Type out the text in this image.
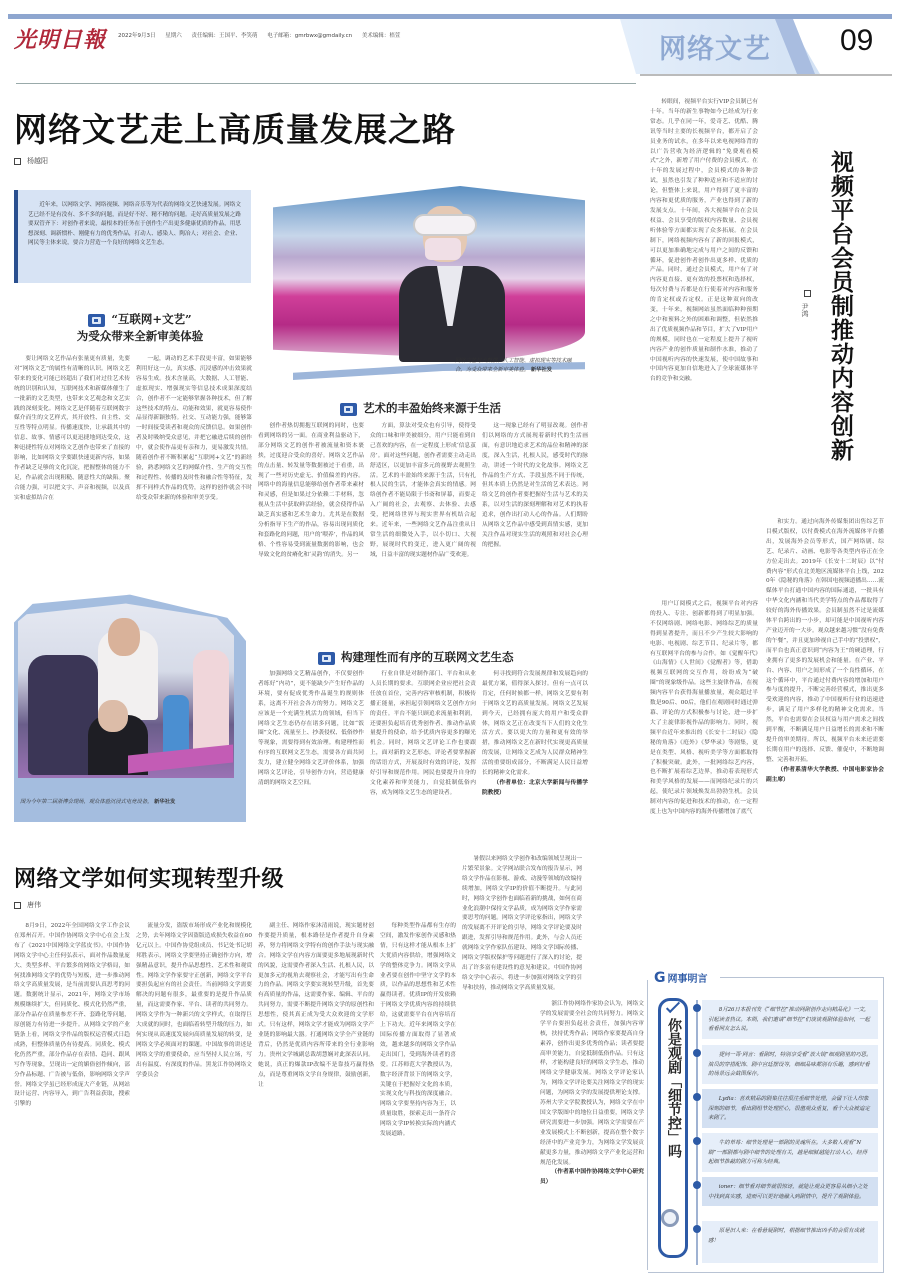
光明日報 2022年9月3日 星期六 责任编辑：王国平、李笑萌 电子邮箱：gmrbwx@gmdaily.cn 美术编辑：梧萱	网络文艺	09
网络文艺走上高质量发展之路
杨越阳

近年来，以网络文学、网络视频、网络音乐等为代表的网络文艺快速发展。网络文艺已经不是有没有、多不多的问题，而是好不好、精不精的问题。走好高质量发展之路要双管齐下：对创作者来说，最根本的任务在于创作生产出更多健康优质的作品，用思想深刻、调新惯朴、刚健有力的优秀作品，打动人、感染人、陶冶人；对社会、企业、网民等主体来说，要合力营造一个良好的网络文艺生态。

“互联网+文艺”
为受众带来全新审美体验

要让网络文艺作品有张量更有质量，先要对“网络文艺”的属性有清晰的认识。网络文艺带来的变化可能已经超出了我们对过往艺术传统的识别和认知，互联网技术和新媒体催生了一批新的文艺类型，也带来文艺观念和文艺实践的深刻变化。网络文艺是伴随着互联网数字媒介而生的文艺样式，其开放性、自主性、交互性等特点明显。传播速度快，让承载其中的信息、故事、情感可以更迅捷地到达受众，这种迅捷性特点对网络文艺创作也带来了直接的影响，比如网络文学要跟快速更新内容，如果作者缺乏足够的文化沉淀，把握整体的能力不足，作品就会出现粗糙、随意性大的缺陷。聚合能力强，可以把文字、声音和视频，以及真实和虚拟结合在

一起，调动的艺术手段更丰富，如果能够利用好这一点，真实感、沉浸感的冲击效果就容易生成。技术含量高，大数据、人工智能、虚拟现实、增强现实等信息技术成果深度结合，创作者不一定能够掌握各种技术，但了解这些技术的特点、功能和效果，就更容易使作品显得新颖独特。社交、互动能力强，能够第一时间接受读者和观众的反馈信息。如果创作者及时吸纳受众意见，并把它融进后续的创作中，就会使作品更有亲和力，更易激发共情。随着创作者不断积累起“互联网+文艺”的新经验，熟悉网络文艺的网媒介性、生产的交互性和过程性、传播的及时性和融合性等特征，发挥不同样式作品的优势，这样的创作就会不时给受众带来新的体验和审美享受。

网络文艺与大数据、人工智能、虚拟现实等技术融合，为受众带来全新审美体验。 新华社发
艺术的丰盈始终来源于生活

创作者热切拥抱互联网的同时，也要看到网络的另一面。在商业利益驱动下，部分网络文艺的创作者被流量和资本裹挟，过度迎合受众的喜好。网络文艺作品的点击量、转发量等数据被过于看重，出现了一些对历史虚无、价值偏差的内容。网络中的海量信息能够给创作者带来素材和灵感，但是如果过分依赖二手材料，忽视从生活中获取鲜活经验，就会使得作品缺乏真实感和艺术生命力。尤其是在数据分析指导下生产的作品，容易出现同质化和套路化的问题，用户的‘喂养’，作品的风格、个性容易受到流量数据的影响，也会导致文化的贫瘠化和‘灵韵’的消失。另一

方面，算法对受众也有引导，使得受众的口味和审美被细分，用户只能看到自己喜欢的内容，在一定程度上形成‘信息茧房’。面对这些问题，创作者需要主动走出舒适区，以更加丰富多元的视野去观照生活。艺术的丰盈始终来源于生活，只有扎根人民的生活，才能体会真实的情感。网络创作者不能局限于书斋和屏幕，而要走入广阔的社会，去观察、去体验、去感受，把网络世界与现实世界有机结合起来。近年来，一些网络文艺作品注重从日常生活的细微处入手，以小切口、大视野，展现时代的变迁，进入更广阔的视域，日益丰富的现实题材作品广受欢迎。

这一现象已经有了明显改观。创作者们以网络的方式展现着新时代的生活画面，有意识地追求艺术的品位和精神的深度，深入生活，扎根人民，感受时代的脉动，讲述一个时代的文化故事。网络文艺作品的生产方式、手段虽然不同于传统，但其本质上仍然是对生活的艺术表达。网络文艺的创作者要把握好生活与艺术的关系，以对生活的深刻理解和对艺术的执着追求，创作出打动人心的作品。人们期盼从网络文艺作品中感受到真情实感，更加关注作品对现实生活的观照和对社会心理的把握。

图为今年第二届浙博会现场，观众体验沉浸式电竞设备。 新华社发
构建理性而有序的互联网文艺生态

加强网络文艺精品创作，不仅要创作者练好“内功”，更不能缺少产生好作品的环境，要有促成优秀作品诞生的规则体系，这离不开社会各方的努力。网络文艺应该是一个充满生机活力的领域，但当下网络文艺生态仍存在诸多问题，比如“饭圈”文化、流量至上、抄袭侵权、低俗炒作等现象，需要得到有效治理。构建理性而有序的互联网文艺生态，需要各方面共同发力，建立健全网络文艺评价体系，加强网络文艺评论，引导创作方向，营造健康清朗的网络文艺空间。

行业自律是对制作部门、平台和从业人员长期的要求。互联网企业应把社会责任放在首位，完善内容审核机制，积极传播正能量，承担起引领网络文艺创作方向的责任。平台不能只顾追求流量和利润，还要担负起培育优秀创作者、推动作品质量提升的使命，给予优质内容更多的曝光机会。同时，网络文艺评论工作也要跟上，面对新的文艺形态，评论者要掌握新的话语方式，开展及时有效的评论，发挥好引导和规范作用。网民也要提升自身的文化素养和审美能力，自觉抵制低俗内容，成为网络文艺生态的建设者。

何寻找到符合发展规律和发展趋向的最优方案，值得深入探讨。但有一点可以肯定，任何时候都一样，网络文艺要有利于网络文艺的高质量发展。网络文艺发展到今天，已经拥有庞大的用户和受众群体，网络文艺正在改变当下人们的文化生活方式。要以更大的力量和更有效的举措，推动网络文艺在新时代实现更高质量的发展，让网络文艺成为人民群众精神生活的重要组成部分，不断满足人民日益增长的精神文化需求。

（作者单位：北京大学新闻与传播学院教授）

视频平台会员制推动内容创新
尹鸿

转眼间，视频平台实行VIP会员制已有十年。当年的新生事物如今已经成为行业常态。几乎在同一年，爱奇艺、优酷、腾讯等当时主要的长视频平台，都开启了会员业务的试水，在多年以来电视网络背的以广告营收为经济逻辑的“免费观看模式”之外，新增了用户付费的会员模式。在十年的发展过程中，会员模式的各种尝试，虽然也引发了种种适应和不适应的讨论，但整体上来说，用户得到了更丰富的内容和更优质的服务，产业也得到了新的发展支点。十年间，各大视频平台在会员权益、会员享受的版权内容数量、会员视听体验等方面都实现了众多拓展。在会员制下，网络视频内容有了新的回报模式，可以更加准确地完成与用户之间的反馈和循环，促进创作者创作出更多样、优质的产品。同时，通过会员模式，用户有了对内容更直接、更有效的投票权和选择权，每次付费与否都是在行使着对内容和服务的肯定权或否定权。正是这种双向的改变，十年来，视频网站虽然面临种种预期之中和预料之外的困难和调整，但依然推出了优质视频作品和节目，扩大了VIP用户的规模，同时也在一定程度上提升了视听内容产业的创作质量和制作水准，推动了中国视听内容的快速发展，使中国故事和中国内容更加自信地进入了全球流媒体平台的竞争和交融。

用户订阅模式之后，视频平台对内容的投入、专注、创新都得到了明显加强。不仅网络剧、网络电影、网络综艺的质量得到显著提升，而且不少产生较大影响的电影、电视剧、综艺节目、纪录片等，都有互联网平台的参与合作。如《觉醒年代》《山海情》《人世间》《觉醒者》等，借助视频互联网的交互作用，纷纷成为“破圈”的现象级作品。这些主旋律作品，在视频内容平台获得海量播放量，观众超过半数是90后、00后，他们在观剧同时通过弹幕、评论的方式积极参与讨论，进一步扩大了主旋律影视作品的影响力。同时，视频平台近年来推出的《长安十二时辰》《隐秘的角落》《庭外》《梦华录》等剧集，更是在类型、风格、视听美学等方面都取得了积极突破。此外，一批网络综艺内容，也不断扩展着综艺边界，推动着表现形式和美学风格的发展——而网络纪录片的兴起，使纪录片领域焕发出勃勃生机。会员制对内容的促进和技术的推动，在一定程度上也为中国内容的海外传播增加了底气

和实力。通过向海外传媒集团出售综艺节目模式版权，以付费模式在海外流媒体平台播出，发展海外会员等形式，国产网络剧、综艺、纪录片、动画、电影等各类型内容正在全方位走出去。2019年《长安十二时辰》以“付费内容”形式在北美地区流媒体平台上线，2020年《隐秘的角落》在韩国电视频道播出……流媒体平台打通中国内容的国际通道，一批具有中华文化内涵和当代美学特点的作品都取得了较好的海外传播效果。会员制虽然不过是流媒体平台跨出的一小步，却可能是中国视听内容产业迈开的一大步。观众越来越习惯“没有免费的午餐”，并且更加珍视自己手中的“投票权”，而平台也真正意识到“内容为王”的硬道理，行业拥有了更多的发展机会和能量。在产业、平台、内容、用户之间形成了一个良性循环，在这个循环中，平台通过付费内容的增加和用户参与度的提升，不断完善经营模式，推出更多受欢迎的内容，推动了中国视听行业的迅速进步，满足了用户多样化的精神文化需求。当然，平台也需要在会员权益与用户需求之间找到平衡，不断满足用户日益增长的需求和不断提升的审美期待。所以，视频平台未来还需要长期在用户的选择、反馈、催促中，不断地调整、完善和开拓。

（作者系清华大学教授、中国电影家协会副主席）

网络文学如何实现转型升级
唐伟

8月9日，2022年全国网络文学工作会议在郑州召开。中国作协网络文学中心在会上发布了《2021中国网络文学蓝皮书》。中国作协网络文学中心主任何弘表示，面对作品数量庞大、类型多样、平台繁多的网络文学格局，如何找准网络文学的优势与短板，进一步推动网络文学高质量发展，是当前需要认真思考的问题。数据统计显示，2021年，网络文学市场规模继续扩大，但同质化、模式化仍然严重，部分作品存在质量参差不齐、套路化等问题，原创能力有待进一步提升。从网络文学的产业链条上看，网络文学作品的版权运营模式日趋成熟，但整体质量仍有待提高。同质化、模式化仍然严重，部分作品存在表情、趋同、跟风写作等现象，呈现出一定的媚俗创作倾向，部分作品标题、广告被与低俗，影响网络文学声誉。网络文学虽已经形成庞大产业链，从网站设计运营、内容导入，到广告利益获取，搜索引擎的

流量分发，盗版市场形成产业化和规模化之势，去年网络文学因盗版造成损失收益在60亿元以上。中国作协党组成员、书记处书记胡邦胜表示，网络文学要坚持正确创作方向，增强精品意识，提升作品思想性、艺术性和观赏性。网络文学作家要守正创新，网络文学平台要担负起应有的社会责任。当前网络文学需要解决的问题有很多，最重要的是提升作品质量，而这需要作家、平台、读者的共同努力。网络文学作为一种新兴的文学样式，在取得巨大成就的同时，也面临着转型升级的压力，如何实现从高速度发展向高质量发展的转变，是网络文学必须面对的课题。中国故事的讲述是网络文学的重要使命，应当坚持人民立场，写出有温度、有深度的作品。黑龙江作协网络文学委员会

副主任、网络作家沐清雨说，现实题材创作要提升质量，根本路径是作者提升自身素养，努力将网络文学特有的创作手法与现实融合。网络文学在内容方面要更多地展现新时代的风貌，这需要作者深入生活、扎根人民，以更加多元的视角去观察社会，才能写出有生命力的作品。网络文学要实现转型升级，首先要有高质量的作品，这需要作家、编辑、平台的共同努力，需要不断提升网络文学的原创性和思想性，使其真正成为受大众欢迎的文学形式。只有这样，网络文学才能成为网络文学产业链的影响最大器。打通网络文学全产业链的背后，仍然是优质内容所带来的全行业影响力。贵州文学城副总裁胡慧娴对此深表认同。她说，真正的爆款IP改编不是靠技巧赢得热点，而是尊重网络文学自身规律，鼓励创新，让

每种类型作品都有生存的空间，激发作家创作灵感和热情，只有这样才能从根本上扩大优质内容供给，增强网络文学的整体竞争力。网络文学从业者要在创作中坚守文学的本质，以作品的思想性和艺术性赢得读者。优质IP的开发依赖于网络文学优质内容的持续供给，这就需要平台在内容培育上下功夫。近年来网络文学在国际传播方面取得了显著成效，越来越多的网络文学作品走出国门，受到海外读者的喜爱。江苏师范大学教授认为，数字经济背景下的网络文学，关键在于把握好文化的本质，实现文化与科技的深度融合。网络文学要坚持内容为王，以质量取胜，探索走出一条符合网络文学IP转换实际的内涵式发展道路。

暑假以来网络文学创作和改编领域呈现出一片繁荣景象。文学网站联合发布的报告显示，网络文学作品在影视、游戏、动漫等领域的改编持续增加，网络文学IP的价值不断提升。与此同时，网络文学创作也面临着新的挑战，如何在商业化浪潮中保持文学品质，成为网络文学作家需要思考的问题。网络文学评论家指出，网络文学的发展离不开评论的引导，网络文学评论要及时跟进，发挥引导和规范作用。此外，与会人员还就网络文学作家队伍建设、网络文学国际传播、网络文学版权保护等问题进行了深入的讨论，提出了许多富有建设性的意见和建议。中国作协网络文学中心表示，将进一步加强对网络文学的引导和扶持，推动网络文学高质量发展。

浙江作协网络作家协会认为，网络文学的发展需要全社会的共同努力。网络文学平台要担负起社会责任，加强内容审核，扶持优秀作品；网络作家要提高自身素养，创作出更多优秀的作品；读者要提高审美能力，自觉抵制低俗作品。只有这样，才能构建良好的网络文学生态，推动网络文学健康发展。网络文学评论家认为，网络文学评论要关注网络文学的现实问题，为网络文学的发展提供理论支撑。苏州大学文学院教授认为，网络文学在中国文学版图中的地位日益重要，网络文学研究需要进一步加强。网络文学需要在产业发展模式上不断创新，提高在整个数字经济中的产业竞争力，为网络文学发展贡献更多力量，推动网络文学产业化运营和规范化发展。

（作者系中国作协网络文学中心研究员）

G 网事明言
你是观剧「细节控」吗

8月26日本报刊发《“细节控”推动网剧创作走向精品化》一文，引起读者热议。本期，我们邀请“细节控”们谈谈观剧体验如何，一起看看网友怎么说。

提问一哥·网言：看剧时，特别享受看“放大镜”细观剧里的巧思。演员的穿搭配饰、剧中宫廷摆设等，细细品味都别有乐趣，感到好看的场景远会截图保存。

Lydia：喜欢精品的剧集往往很注重细节处理，会留下让人印象深刻的细节，看出剧组节处理匠心，很值观众重复，看个大众被追定来剧了。

牛的草莓：细节处理是一部剧的灵魂所在。大多数人观看“N刷”一部剧都与剧中细节的处理有关，越是细腻越能打动人心，经得起细节推敲的剧方可称为经典。

ioner：细节看对细节就很惊讶，就能让观众更容易从细小之处中找到真实感，进而可以更好地融入到剧情中，提升了观剧体验。

原是旧人来：在看悬疑剧时，根据细节推出凶手的会很有成就感！
